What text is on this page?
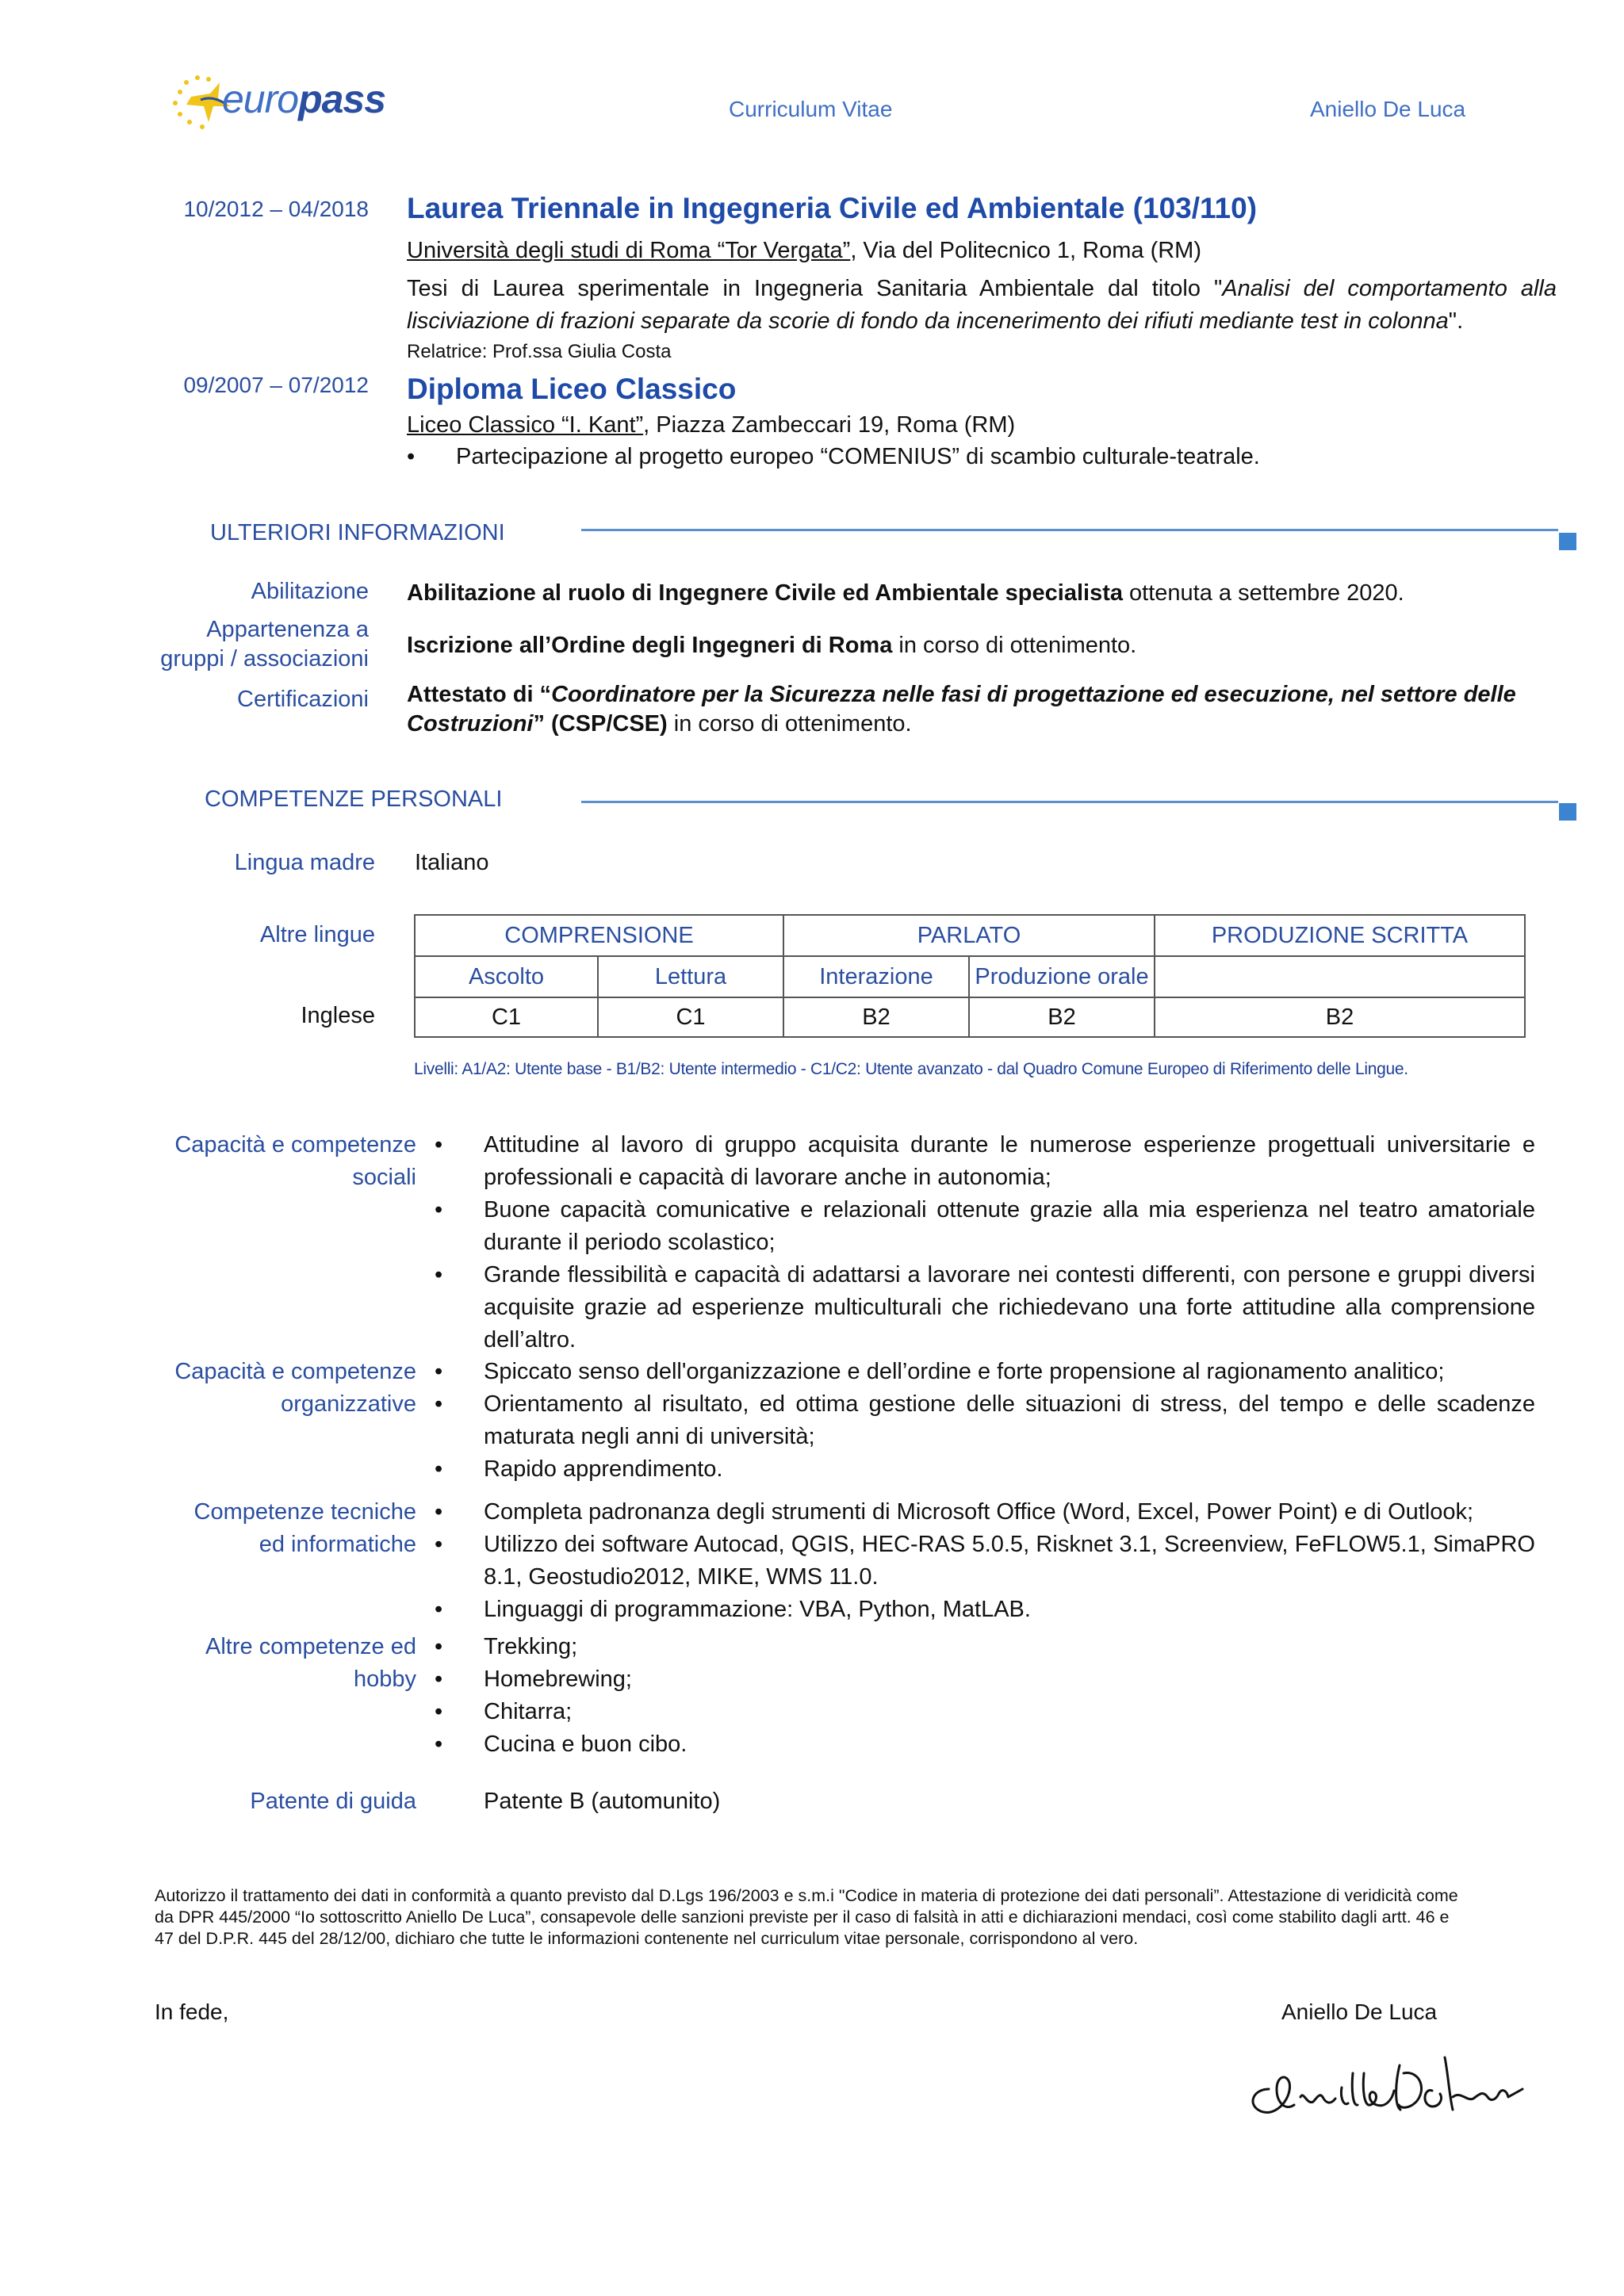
europass	Curriculum Vitae	Aniello De Luca
10/2012 – 04/2018 Laurea Triennale in Ingegneria Civile ed Ambientale (103/110)
Università degli studi di Roma “Tor Vergata”, Via del Politecnico 1, Roma (RM)
Tesi di Laurea sperimentale in Ingegneria Sanitaria Ambientale dal titolo "Analisi del comportamento alla lisciviazione di frazioni separate da scorie di fondo da incenerimento dei rifiuti mediante test in colonna".
Relatrice: Prof.ssa Giulia Costa
09/2007 – 07/2012 Diploma Liceo Classico
Liceo Classico “I. Kant”, Piazza Zambeccari 19, Roma (RM)
• Partecipazione al progetto europeo “COMENIUS” di scambio culturale-teatrale.
ULTERIORI INFORMAZIONI
Abilitazione Abilitazione al ruolo di Ingegnere Civile ed Ambientale specialista ottenuta a settembre 2020.
Appartenenza a
gruppi / associazioni
Iscrizione all’Ordine degli Ingegneri di Roma in corso di ottenimento.
Certificazioni Attestato di “Coordinatore per la Sicurezza nelle fasi di progettazione ed esecuzione, nel settore delle Costruzioni” (CSP/CSE) in corso di ottenimento.
COMPETENZE PERSONALI
Lingua madre Italiano
Altre lingue
Inglese
COMPRENSIONE		PARLATO		PRODUZIONE SCRITTA
Ascolto	Lettura	Interazione	Produzione orale	
C1	C1	B2	B2	B2
Livelli: A1/A2: Utente base - B1/B2: Utente intermedio - C1/C2: Utente avanzato - dal Quadro Comune Europeo di Riferimento delle Lingue.
Capacità e competenze
sociali
• Attitudine al lavoro di gruppo acquisita durante le numerose esperienze progettuali universitarie e professionali e capacità di lavorare anche in autonomia;
• Buone capacità comunicative e relazionali ottenute grazie alla mia esperienza nel teatro amatoriale durante il periodo scolastico;
• Grande flessibilità e capacità di adattarsi a lavorare nei contesti differenti, con persone e gruppi diversi acquisite grazie ad esperienze multiculturali che richiedevano una forte attitudine alla comprensione dell’altro.
Capacità e competenze
organizzative
• Spiccato senso dell'organizzazione e dell’ordine e forte propensione al ragionamento analitico;
• Orientamento al risultato, ed ottima gestione delle situazioni di stress, del tempo e delle scadenze maturata negli anni di università;
• Rapido apprendimento.
Competenze tecniche
ed informatiche
• Completa padronanza degli strumenti di Microsoft Office (Word, Excel, Power Point) e di Outlook;
• Utilizzo dei software Autocad, QGIS, HEC-RAS 5.0.5, Risknet 3.1, Screenview, FeFLOW5.1, SimaPRO 8.1, Geostudio2012, MIKE, WMS 11.0.
• Linguaggi di programmazione: VBA, Python, MatLAB.
Altre competenze ed
hobby
• Trekking;
• Homebrewing;
• Chitarra;
• Cucina e buon cibo.
Patente di guida	Patente B (automunito)
Autorizzo il trattamento dei dati in conformità a quanto previsto dal D.Lgs 196/2003 e s.m.i "Codice in materia di protezione dei dati personali”. Attestazione di veridicità come da DPR 445/2000 “Io sottoscritto Aniello De Luca”, consapevole delle sanzioni previste per il caso di falsità in atti e dichiarazioni mendaci, così come stabilito dagli artt. 46 e 47 del D.P.R. 445 del 28/12/00, dichiaro che tutte le informazioni contenente nel curriculum vitae personale, corrispondono al vero.
In fede,	Aniello De Luca
